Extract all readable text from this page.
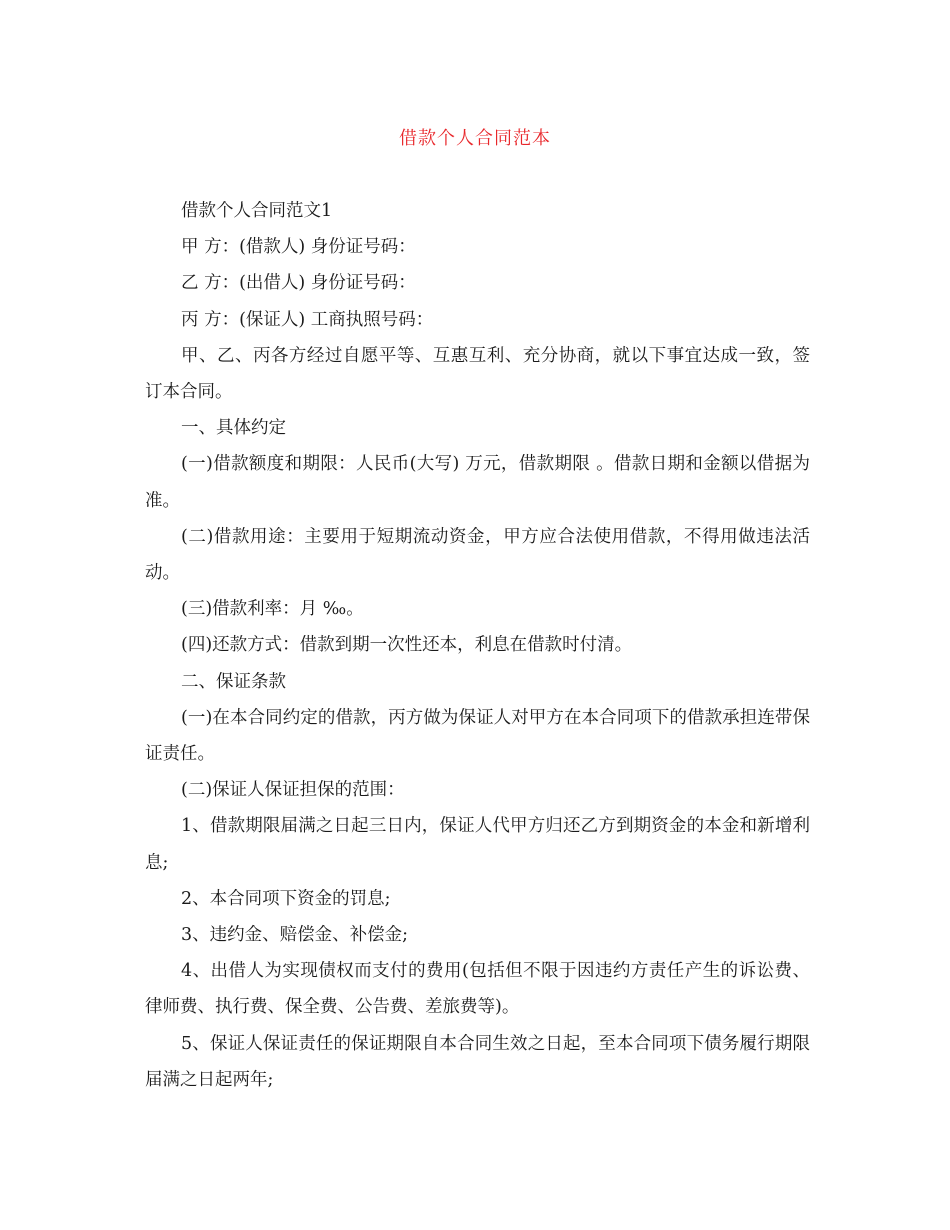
借款个人合同范本

借款个人合同范文1

甲 方：(借款人) 身份证号码：

乙 方：(出借人) 身份证号码：

丙 方：(保证人) 工商执照号码：

甲、乙、丙各方经过自愿平等、互惠互利、充分协商，就以下事宜达成一致，签订本合同。

一、具体约定

(一)借款额度和期限：人民币(大写) 万元，借款期限 。借款日期和金额以借据为准。

(二)借款用途：主要用于短期流动资金，甲方应合法使用借款，不得用做违法活动。

(三)借款利率：月 ‰。

(四)还款方式：借款到期一次性还本，利息在借款时付清。

二、保证条款

(一)在本合同约定的借款，丙方做为保证人对甲方在本合同项下的借款承担连带保证责任。

(二)保证人保证担保的范围：

1、借款期限届满之日起三日内，保证人代甲方归还乙方到期资金的本金和新增利息;

2、本合同项下资金的罚息;

3、违约金、赔偿金、补偿金;

4、出借人为实现债权而支付的费用(包括但不限于因违约方责任产生的诉讼费、律师费、执行费、保全费、公告费、差旅费等)。

5、保证人保证责任的保证期限自本合同生效之日起，至本合同项下债务履行期限届满之日起两年;
